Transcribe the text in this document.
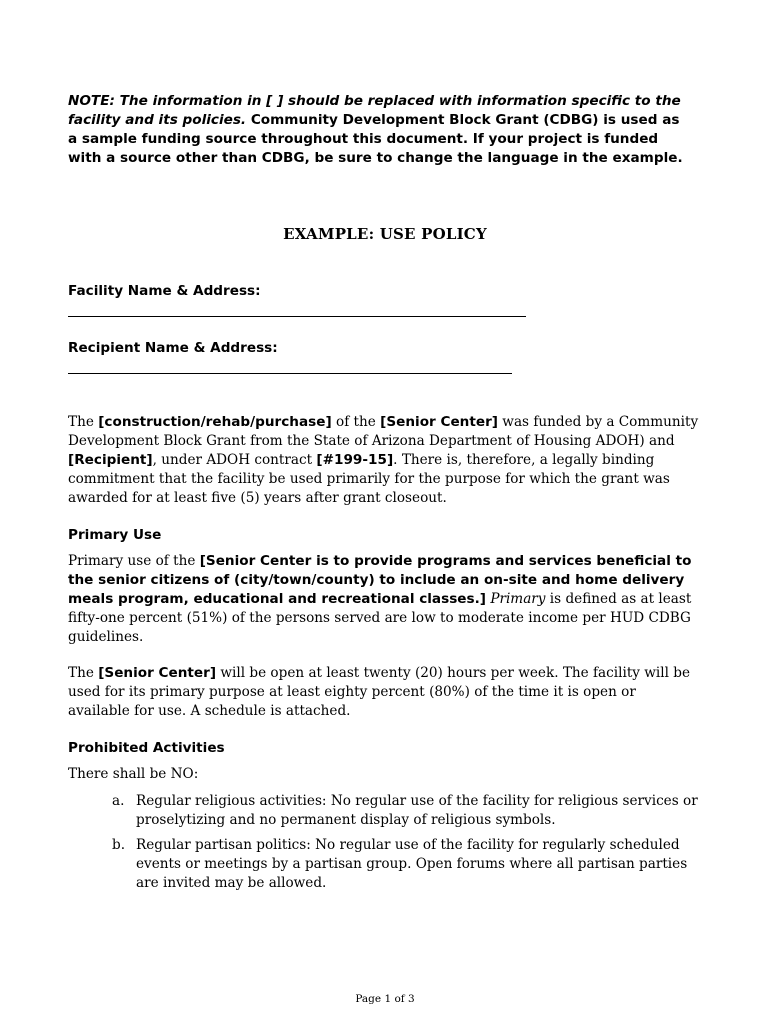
NOTE: The information in [ ] should be replaced with information specific to the facility and its policies. Community Development Block Grant (CDBG) is used as a sample funding source throughout this document. If your project is funded with a source other than CDBG, be sure to change the language in the example.
EXAMPLE: USE POLICY
Facility Name & Address:
Recipient Name & Address:
The [construction/rehab/purchase] of the [Senior Center] was funded by a Community Development Block Grant from the State of Arizona Department of Housing ADOH) and [Recipient], under ADOH contract [#199-15]. There is, therefore, a legally binding commitment that the facility be used primarily for the purpose for which the grant was awarded for at least five (5) years after grant closeout.
Primary Use
Primary use of the [Senior Center is to provide programs and services beneficial to the senior citizens of (city/town/county) to include an on-site and home delivery meals program, educational and recreational classes.] Primary is defined as at least fifty-one percent (51%) of the persons served are low to moderate income per HUD CDBG guidelines.
The [Senior Center] will be open at least twenty (20) hours per week. The facility will be used for its primary purpose at least eighty percent (80%) of the time it is open or available for use. A schedule is attached.
Prohibited Activities
There shall be NO:
a. Regular religious activities: No regular use of the facility for religious services or proselytizing and no permanent display of religious symbols.
b. Regular partisan politics: No regular use of the facility for regularly scheduled events or meetings by a partisan group. Open forums where all partisan parties are invited may be allowed.
Page 1 of 3
